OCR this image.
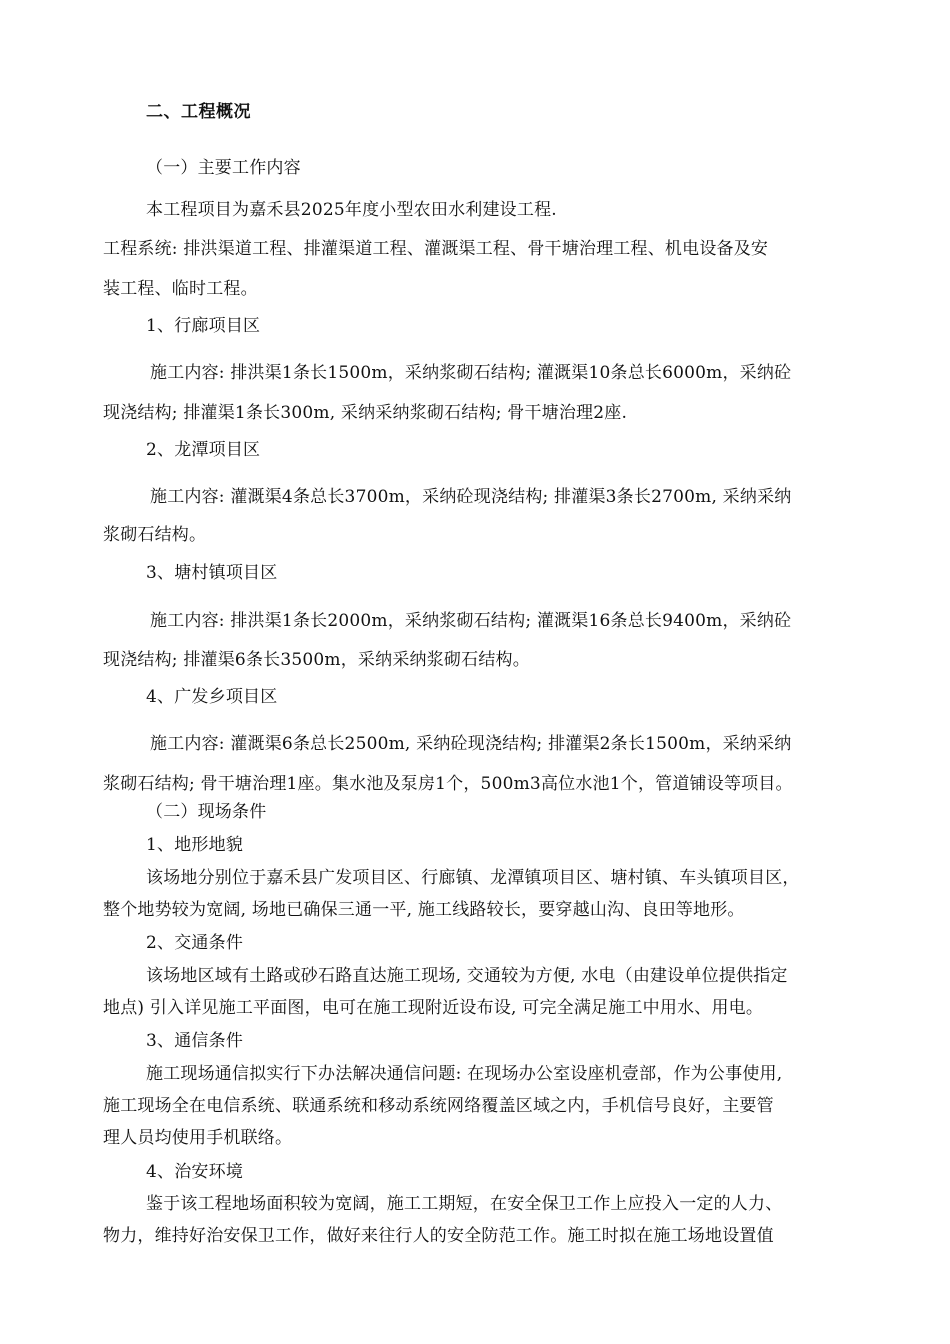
二、工程概况
（一）主要工作内容
本工程项目为嘉禾县2025年度小型农田水利建设工程.
工程系统: 排洪渠道工程、排灌渠道工程、灌溉渠工程、骨干塘治理工程、机电设备及安
装工程、临时工程。
1、行廊项目区
施工内容: 排洪渠1条长1500m，采纳浆砌石结构; 灌溉渠10条总长6000m，采纳砼
现浇结构; 排灌渠1条长300m, 采纳采纳浆砌石结构; 骨干塘治理2座.
2、龙潭项目区
施工内容: 灌溉渠4条总长3700m，采纳砼现浇结构; 排灌渠3条长2700m, 采纳采纳
浆砌石结构。
3、塘村镇项目区
施工内容: 排洪渠1条长2000m，采纳浆砌石结构; 灌溉渠16条总长9400m，采纳砼
现浇结构; 排灌渠6条长3500m，采纳采纳浆砌石结构。
4、广发乡项目区
施工内容: 灌溉渠6条总长2500m, 采纳砼现浇结构; 排灌渠2条长1500m，采纳采纳
浆砌石结构; 骨干塘治理1座。集水池及泵房1个，500m3高位水池1个，管道铺设等项目。
（二）现场条件
1、地形地貌
该场地分别位于嘉禾县广发项目区、行廊镇、龙潭镇项目区、塘村镇、车头镇项目区，
整个地势较为宽阔, 场地已确保三通一平, 施工线路较长，要穿越山沟、良田等地形。
2、交通条件
该场地区域有土路或砂石路直达施工现场, 交通较为方便, 水电（由建设单位提供指定
地点) 引入详见施工平面图，电可在施工现附近设布设, 可完全满足施工中用水、用电。
3、通信条件
施工现场通信拟实行下办法解决通信问题: 在现场办公室设座机壹部，作为公事使用,
施工现场全在电信系统、联通系统和移动系统网络覆盖区域之内，手机信号良好，主要管
理人员均使用手机联络。
4、治安环境
鉴于该工程地场面积较为宽阔，施工工期短，在安全保卫工作上应投入一定的人力、
物力，维持好治安保卫工作，做好来往行人的安全防范工作。施工时拟在施工场地设置值
